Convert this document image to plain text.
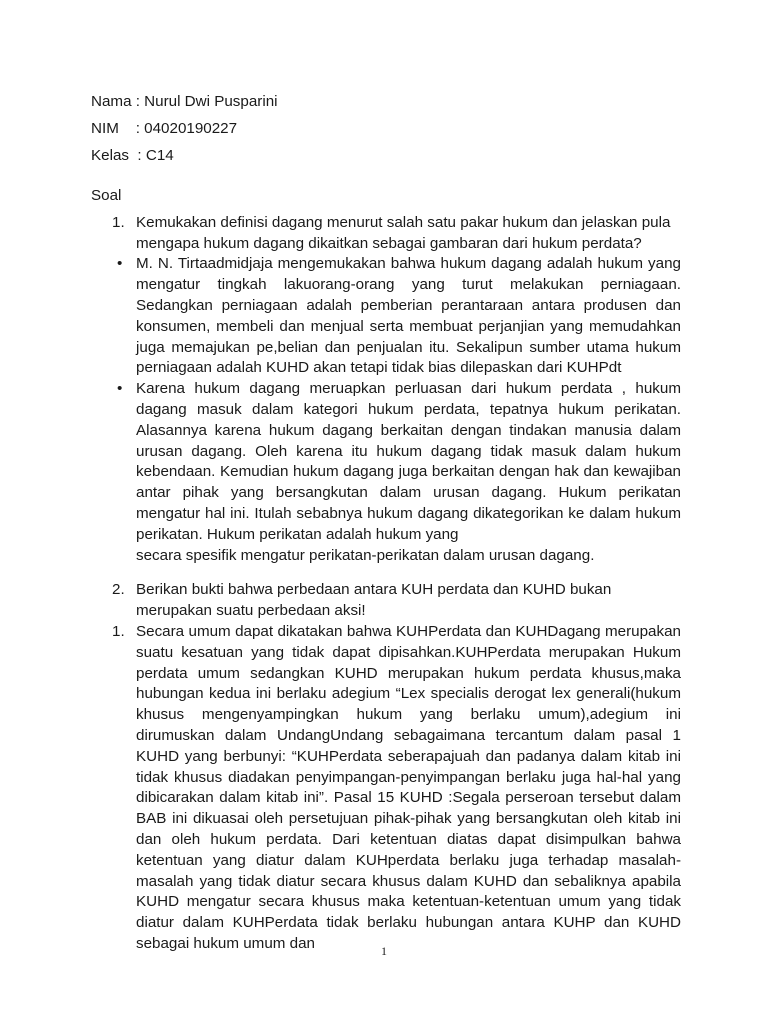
Nama : Nurul Dwi Pusparini
NIM    : 04020190227
Kelas  : C14
Soal
1. Kemukakan definisi dagang menurut salah satu pakar hukum dan jelaskan pula mengapa hukum dagang dikaitkan sebagai gambaran dari hukum perdata?

• M. N. Tirtaadmidjaja mengemukakan bahwa hukum dagang adalah hukum yang mengatur tingkah lakuorang-orang yang turut melakukan perniagaan. Sedangkan perniagaan adalah pemberian perantaraan antara produsen dan konsumen, membeli dan menjual serta membuat perjanjian yang memudahkan juga memajukan pe,belian dan penjualan itu. Sekalipun sumber utama hukum perniagaan adalah KUHD akan tetapi tidak bias dilepaskan dari KUHPdt

• Karena hukum dagang meruapkan perluasan dari hukum perdata , hukum dagang masuk dalam kategori hukum perdata, tepatnya hukum perikatan. Alasannya karena hukum dagang berkaitan dengan tindakan manusia dalam urusan dagang. Oleh karena itu hukum dagang tidak masuk dalam hukum kebendaan. Kemudian hukum dagang juga berkaitan dengan hak dan kewajiban antar pihak yang bersangkutan dalam urusan dagang. Hukum perikatan mengatur hal ini. Itulah sebabnya hukum dagang dikategorikan ke dalam hukum perikatan. Hukum perikatan adalah hukum yang

secara spesifik mengatur perikatan-perikatan dalam urusan dagang.

2. Berikan bukti bahwa perbedaan antara KUH perdata dan KUHD bukan merupakan suatu perbedaan aksi!

1. Secara umum dapat dikatakan bahwa KUHPerdata dan KUHDagang merupakan suatu kesatuan yang tidak dapat dipisahkan.KUHPerdata merupakan Hukum perdata umum sedangkan KUHD merupakan hukum perdata khusus,maka hubungan kedua ini berlaku adegium “Lex specialis derogat lex generali(hukum khusus mengenyampingkan hukum yang berlaku umum),adegium ini dirumuskan dalam UndangUndang sebagaimana tercantum dalam pasal 1 KUHD yang berbunyi: “KUHPerdata seberapajuah dan padanya dalam kitab ini tidak khusus diadakan penyimpangan-penyimpangan berlaku juga hal-hal yang dibicarakan dalam kitab ini”. Pasal 15 KUHD :Segala perseroan tersebut dalam BAB ini dikuasai oleh persetujuan pihak-pihak yang bersangkutan oleh kitab ini dan oleh hukum perdata. Dari ketentuan diatas dapat disimpulkan bahwa ketentuan yang diatur dalam KUHperdata berlaku juga terhadap masalah-masalah yang tidak diatur secara khusus dalam KUHD dan sebaliknya apabila KUHD mengatur secara khusus maka ketentuan-ketentuan umum yang tidak diatur dalam KUHPerdata tidak berlaku hubungan antara KUHP dan KUHD sebagai hukum umum dan	1
